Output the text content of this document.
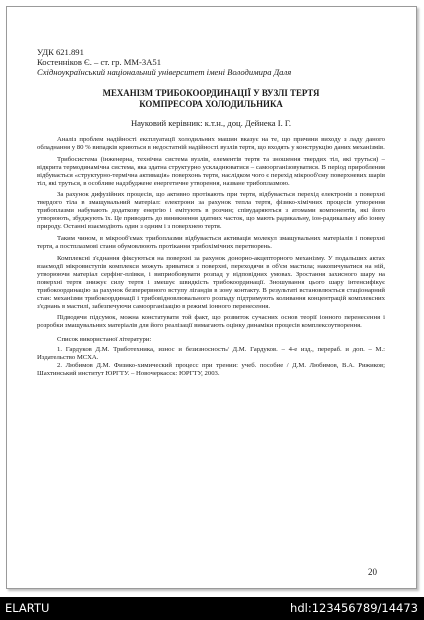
УДК 621.891
Костенніков Є. – ст. гр. ММ-3А51
Східноукраїнський національний університет імені Володимира Даля
МЕХАНІЗМ ТРИБОКООРДИНАЦІЇ У ВУЗЛІ ТЕРТЯ
КОМПРЕСОРА ХОЛОДИЛЬНИКА
Науковий керівник: к.т.н., доц. Дейнека І. Г.

Аналіз проблем надійності експлуатації холодильних машин вказує на те, що причини виходу з ладу даного обладнання у 80 % випадків криються в недостатній надійності вузлів тертя, що входять у конструкцію даних механізмів.

Трибосистема (інженерна, технічна система вузлів, елементів тертя та зношення твердих тіл, які труться) – відкрита термодинамічна система, яка здатна структурно ускладнюватися – самоорганізовуватися. В період приробления відбувається «структурно-термічна активація» поверхонь тертя, наслідком чого є перехід мікрооб'єму поверхневих шарів тіл, які труться, в особливе надзбуджене енергетичне утворення, назване трибоплазмою.

За рахунок дифузійних процесів, що активно протікають при тертя, відбувається перехід електронів з поверхні твердого тіла в змащувальний матеріал: електрони за рахунок тепла тертя, фізико-хімічних процесів утворення трибоплазми набувають додаткову енергію і емітують в розчин; співударяються з атомами компонентів, які його утворюють, збуджують їх. Це приводить до виникнення здатних часток, що мають радикальну, іон-радикальну або іонну природу. Останні взаємодіють один з одним і з поверхнею тертя.

Таким чином, в мікрооб'ємах трибоплазми відбувається активація молекул змащувальних матеріалів і поверхні тертя, а постплазмові стани обумовлюють протікання трибохімічних перетворень.

Комплексні з'єднання фіксуються на поверхні за рахунок донорно-акцепторного механізму. У подальших актах взаємодії мікровиступів комплекси можуть зриватися з поверхні, переходячи в об'єм мастила; накопичуватися на ній, утворюючи матеріал серфінг-плівки, і виприобовувати розпад у відповідних умовах. Зростання захисного шару на поверхні тертя знижує силу тертя і змешує швидкість трибокоординації. Зношування цього шару інтенсифікує трибокоординацію за рахунок безперервного вступу лігандів в зону контакту. В результаті встановлюється стаціонарний стан: механізми трибокоординації і трибовідновлювального розпаду підтримують коливання концентрацій комплексних з'єднань в мастилі, забезпечуючи самоорганізацію в режимі іонного перенесення.

Підводячи підсумок, можна констатувати той факт, що розвиток сучасних основ теорії іонного перенесення і розробки змащувальних матеріалів для його реалізації вимагають оцінку динаміки процесів комплексоутворення.

Список використаної літератури:

1. Гардуков Д.М. Триботехника, износ и безизносность/ Д.М. Гардуков. – 4-е изд., перераб. и доп. – М.: Издательство МСХА.

2. Любимов Д.М. Физико-химический процесс при трении: учеб. пособие / Д.М. Любимов, В.А. Рижиков; Шахтинський институт ЮРГТУ. – Новочеркасск: ЮРГТУ, 2003.

20
ELARTU	hdl:123456789/14473
